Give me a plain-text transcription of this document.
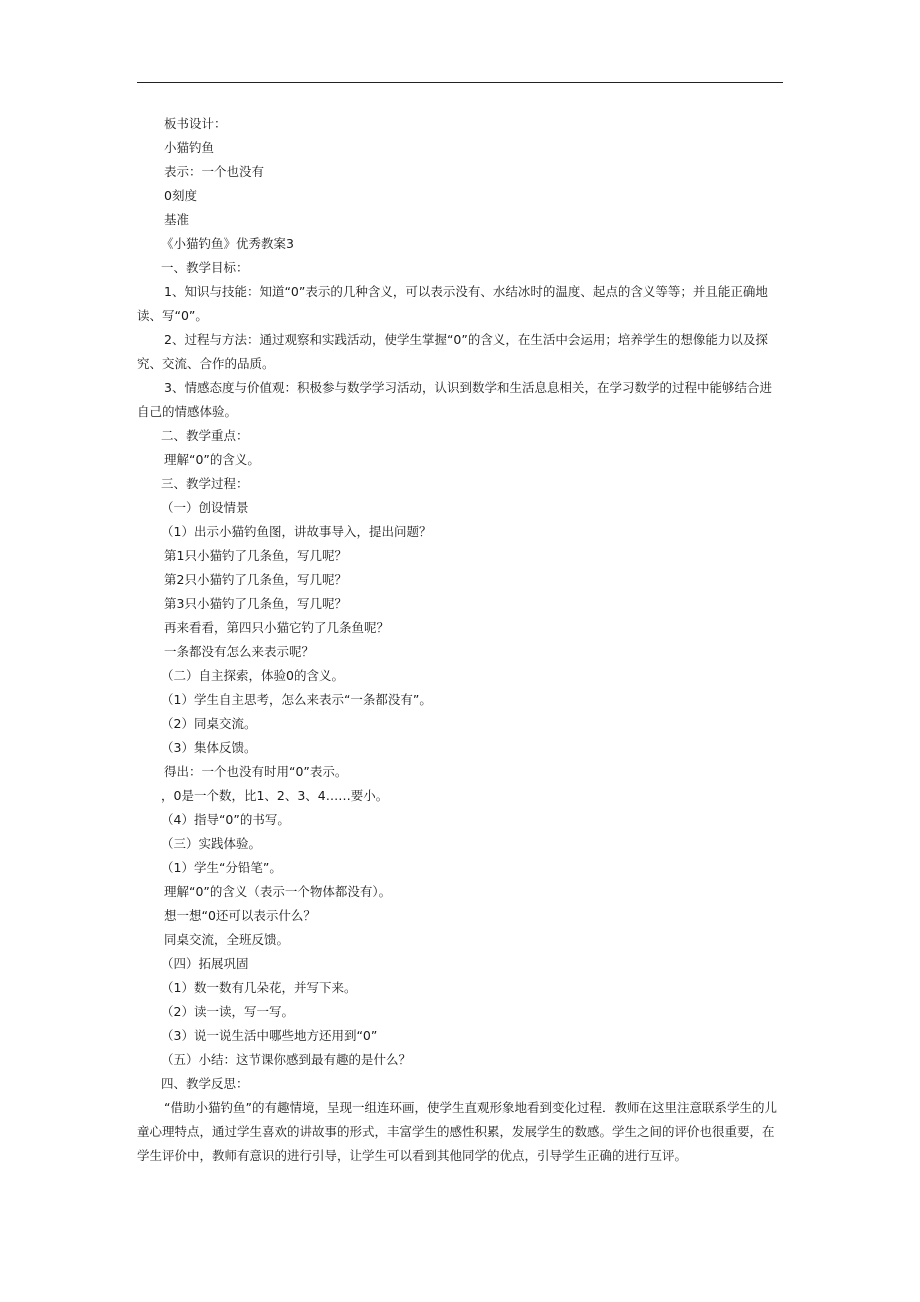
板书设计：
小猫钓鱼
表示：一个也没有
0刻度
基准
《小猫钓鱼》优秀教案3
一、教学目标：
1、知识与技能：知道“0”表示的几种含义，可以表示没有、水结冰时的温度、起点的含义等等；并且能正确地读、写“0”。
2、过程与方法：通过观察和实践活动，使学生掌握“0”的含义，在生活中会运用；培养学生的想像能力以及探究、交流、合作的品质。
3、情感态度与价值观：积极参与数学学习活动，认识到数学和生活息息相关，在学习数学的过程中能够结合进自己的情感体验。
二、教学重点：
理解“0”的含义。
三、教学过程：
（一）创设情景
（1）出示小猫钓鱼图，讲故事导入，提出问题？
第1只小猫钓了几条鱼，写几呢？
第2只小猫钓了几条鱼，写几呢？
第3只小猫钓了几条鱼，写几呢？
再来看看，第四只小猫它钓了几条鱼呢？
一条都没有怎么来表示呢？
（二）自主探索，体验0的含义。
（1）学生自主思考，怎么来表示“一条都没有”。
（2）同桌交流。
（3）集体反馈。
得出：一个也没有时用“0”表示。
，0是一个数，比1、2、3、4……要小。
（4）指导“0”的书写。
（三）实践体验。
（1）学生“分铅笔”。
理解“0”的含义（表示一个物体都没有）。
想一想“0还可以表示什么？
同桌交流，全班反馈。
（四）拓展巩固
（1）数一数有几朵花，并写下来。
（2）读一读，写一写。
（3）说一说生活中哪些地方还用到“0”
（五）小结：这节课你感到最有趣的是什么？
四、教学反思：
“借助小猫钓鱼”的有趣情境，呈现一组连环画，使学生直观形象地看到变化过程．教师在这里注意联系学生的儿童心理特点，通过学生喜欢的讲故事的形式，丰富学生的感性积累，发展学生的数感。学生之间的评价也很重要，在学生评价中，教师有意识的进行引导，让学生可以看到其他同学的优点，引导学生正确的进行互评。
